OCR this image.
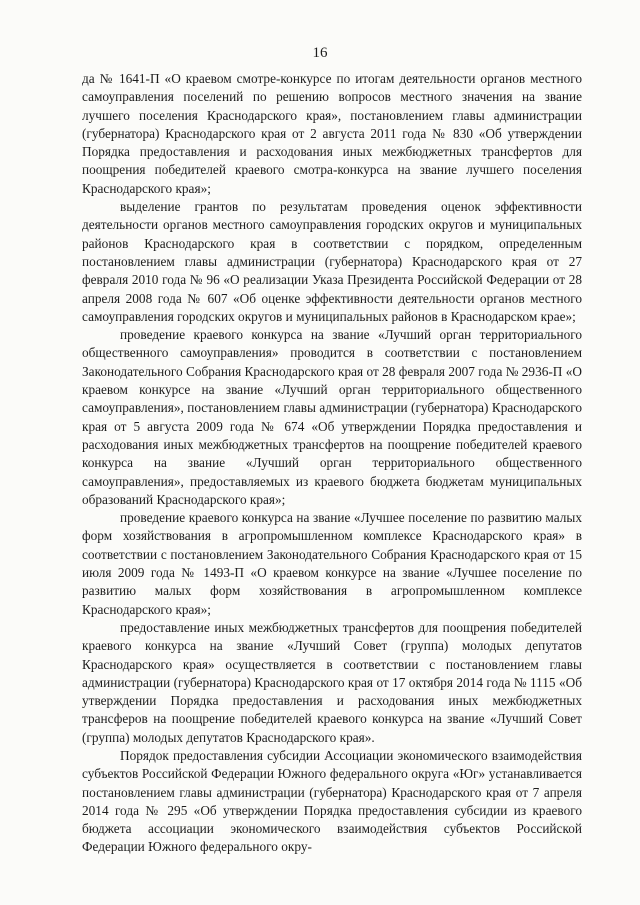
16

да № 1641-П «О краевом смотре-конкурсе по итогам деятельности органов местного самоуправления поселений по решению вопросов местного значения на звание лучшего поселения Краснодарского края», постановлением главы администрации (губернатора) Краснодарского края от 2 августа 2011 года № 830 «Об утверждении Порядка предоставления и расходования иных межбюджетных трансфертов для поощрения победителей краевого смотра-конкурса на звание лучшего поселения Краснодарского края»;

выделение грантов по результатам проведения оценок эффективности деятельности органов местного самоуправления городских округов и муниципальных районов Краснодарского края в соответствии с порядком, определенным постановлением главы администрации (губернатора) Краснодарского края от 27 февраля 2010 года № 96 «О реализации Указа Президента Российской Федерации от 28 апреля 2008 года № 607 «Об оценке эффективности деятельности органов местного самоуправления городских округов и муниципальных районов в Краснодарском крае»;

проведение краевого конкурса на звание «Лучший орган территориального общественного самоуправления» проводится в соответствии с постановлением Законодательного Собрания Краснодарского края от 28 февраля 2007 года № 2936-П «О краевом конкурсе на звание «Лучший орган территориального общественного самоуправления», постановлением главы администрации (губернатора) Краснодарского края от 5 августа 2009 года № 674 «Об утверждении Порядка предоставления и расходования иных межбюджетных трансфертов на поощрение победителей краевого конкурса на звание «Лучший орган территориального общественного самоуправления», предоставляемых из краевого бюджета бюджетам муниципальных образований Краснодарского края»;

проведение краевого конкурса на звание «Лучшее поселение по развитию малых форм хозяйствования в агропромышленном комплексе Краснодарского края» в соответствии с постановлением Законодательного Собрания Краснодарского края от 15 июля 2009 года № 1493-П «О краевом конкурсе на звание «Лучшее поселение по развитию малых форм хозяйствования в агропромышленном комплексе Краснодарского края»;

предоставление иных межбюджетных трансфертов для поощрения победителей краевого конкурса на звание «Лучший Совет (группа) молодых депутатов Краснодарского края» осуществляется в соответствии с постановлением главы администрации (губернатора) Краснодарского края от 17 октября 2014 года № 1115 «Об утверждении Порядка предоставления и расходования иных межбюджетных трансферов на поощрение победителей краевого конкурса на звание «Лучший Совет (группа) молодых депутатов Краснодарского края».

Порядок предоставления субсидии Ассоциации экономического взаимодействия субъектов Российской Федерации Южного федерального округа «Юг» устанавливается постановлением главы администрации (губернатора) Краснодарского края от 7 апреля 2014 года № 295 «Об утверждении Порядка предоставления субсидии из краевого бюджета ассоциации экономического взаимодействия субъектов Российской Федерации Южного федерального окру-
